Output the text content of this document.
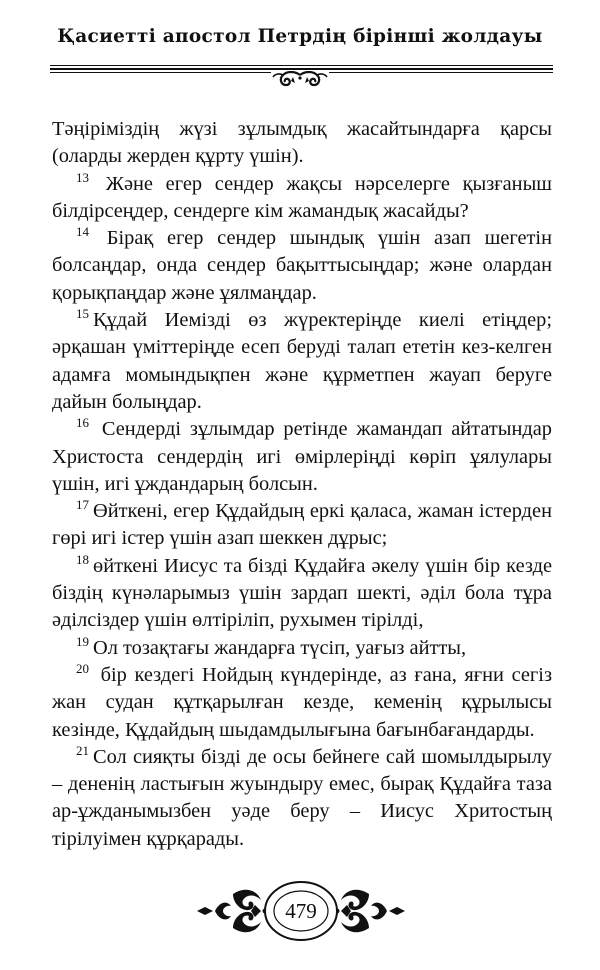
Қасиетті апостол Петрдің бірінші жолдауы

Тәңіріміздің жүзі зұлымдық жасайтындарға қарсы (оларды жерден құрту үшін).

$^{13}$ Және егер сендер жақсы нәрселерге қызғаныш білдірсеңдер, сендерге кім жамандық жасайды?

$^{14}$ Бірақ егер сендер шындық үшін азап шегетін болсаңдар, онда сендер бақыттысыңдар; және олардан қорықпаңдар және ұялмаңдар.

$^{15}$ Құдай Иемізді өз жүректеріңде киелі етіңдер; әрқашан үміттеріңде есеп беруді талап ететін кез-келген адамға момындықпен және құрметпен жауап беруге дайын болыңдар.

$^{16}$ Сендерді зұлымдар ретінде жамандап айтатындар Христоста сендердің игі өмірлеріңді көріп ұялулары үшін, игі ұждандарың болсын.

$^{17}$ Өйткені, егер Құдайдың еркі қаласа, жаман істерден гөрі игі істер үшін азап шеккен дұрыс;

$^{18}$ өйткені Иисус та бізді Құдайға әкелу үшін бір кезде біздің күнәларымыз үшін зардап шекті, әділ бола тұра әділсіздер үшін өлтіріліп, рухымен тірілді,

$^{19}$ Ол тозақтағы жандарға түсіп, уағыз айтты,

$^{20}$ бір кездегі Нойдың күндерінде, аз ғана, яғни сегіз жан судан құтқарылған кезде, кеменің құрылысы кезінде, Құдайдың шыдамдылығына бағынбағандарды.

$^{21}$ Сол сияқты бізді де осы бейнеге сай шомылдырылу – дененің ластығын жуындыру емес, бырақ Құдайға таза ар-ұжданымызбен уәде беру – Иисус Хритостың тірілуімен құрқарады.

479
